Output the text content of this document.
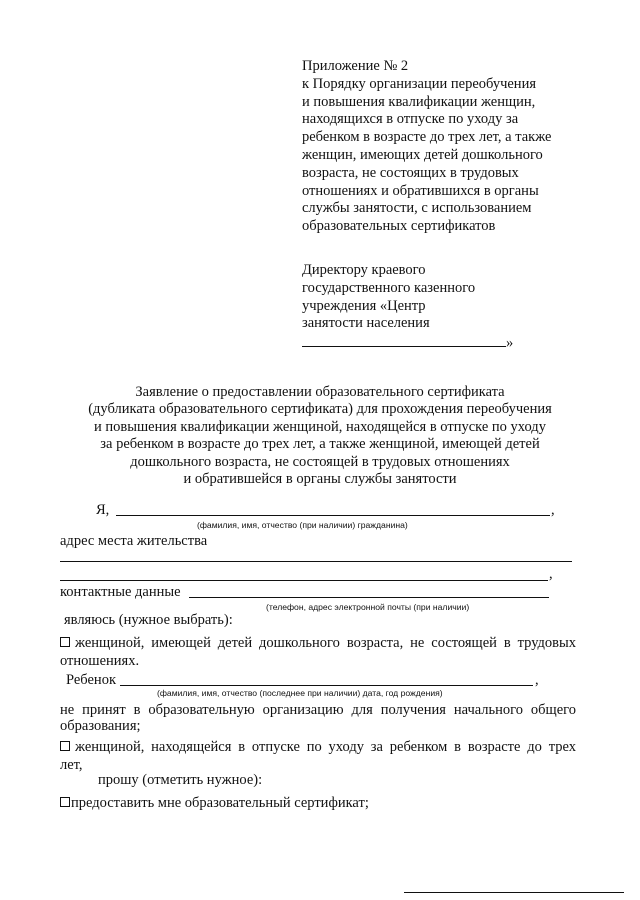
Приложение № 2
к Порядку организации переобучения
и повышения квалификации женщин,
находящихся в отпуске по уходу за
ребенком в возрасте до трех лет, а также
женщин, имеющих детей дошкольного
возраста, не состоящих в трудовых
отношениях и обратившихся в органы
службы занятости, с использованием
образовательных сертификатов
Директору краевого
государственного казенного
учреждения «Центр
занятости населения
»
Заявление о предоставлении образовательного сертификата
(дубликата образовательного сертификата) для прохождения переобучения
и повышения квалификации женщиной, находящейся в отпуске по уходу
за ребенком в возрасте до трех лет, а также женщиной, имеющей детей
дошкольного возраста, не состоящей в трудовых отношениях
и обратившейся в органы службы занятости
Я,	,
(фамилия, имя, отчество (при наличии) гражданина)
адрес места жительства
,
контактные данные
(телефон, адрес электронной почты (при наличии)
являюсь (нужное выбрать):
женщиной, имеющей детей дошкольного возраста, не состоящей в трудовых
отношениях.
Ребенок	,
(фамилия, имя, отчество (последнее при наличии) дата, год рождения)
не принят в образовательную организацию для получения начального общего
образования;
женщиной, находящейся в отпуске по уходу за ребенком в возрасте до трех
лет,
прошу (отметить нужное):
предоставить мне образовательный сертификат;
